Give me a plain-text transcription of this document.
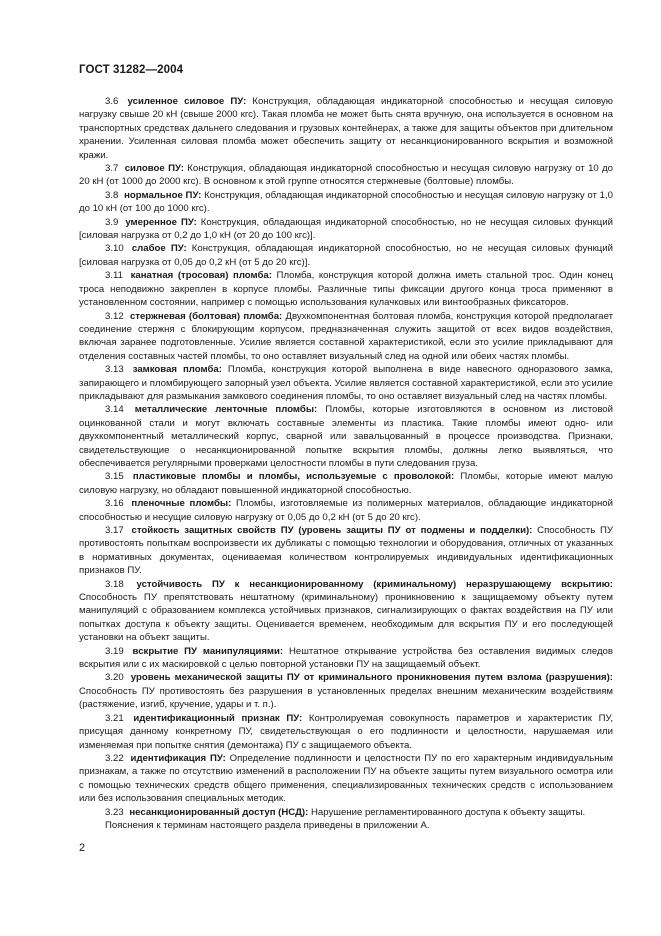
ГОСТ 31282—2004

3.6 усиленное силовое ПУ: Конструкция, обладающая индикаторной способностью и несущая силовую нагрузку свыше 20 кН (свыше 2000 кгс). Такая пломба не может быть снята вручную, она используется в основном на транспортных средствах дальнего следования и грузовых контейнерах, а также для защиты объектов при длительном хранении. Усиленная силовая пломба может обеспечить защиту от несанкционированного вскрытия и возможной кражи.

3.7 силовое ПУ: Конструкция, обладающая индикаторной способностью и несущая силовую нагрузку от 10 до 20 кН (от 1000 до 2000 кгс). В основном к этой группе относятся стержневые (болтовые) пломбы.

3.8 нормальное ПУ: Конструкция, обладающая индикаторной способностью и несущая силовую нагрузку от 1,0 до 10 кН (от 100 до 1000 кгс).

3.9 умеренное ПУ: Конструкция, обладающая индикаторной способностью, но не несущая силовых функций [силовая нагрузка от 0,2 до 1,0 кН (от 20 до 100 кгс)].

3.10 слабое ПУ: Конструкция, обладающая индикаторной способностью, но не несущая силовых функций [силовая нагрузка от 0,05 до 0,2 кН (от 5 до 20 кгс)].

3.11 канатная (тросовая) пломба: Пломба, конструкция которой должна иметь стальной трос. Один конец троса неподвижно закреплен в корпусе пломбы. Различные типы фиксации другого конца троса применяют в установленном состоянии, например с помощью использования кулачковых или винтообразных фиксаторов.

3.12 стержневая (болтовая) пломба: Двухкомпонентная болтовая пломба, конструкция которой предполагает соединение стержня с блокирующим корпусом, предназначенная служить защитой от всех видов воздействия, включая заранее подготовленные. Усилие является составной характеристикой, если это усилие прикладывают для отделения составных частей пломбы, то оно оставляет визуальный след на одной или обеих частях пломбы.

3.13 замковая пломба: Пломба, конструкция которой выполнена в виде навесного одноразового замка, запирающего и пломбирующего запорный узел объекта. Усилие является составной характеристикой, если это усилие прикладывают для размыкания замкового соединения пломбы, то оно оставляет визуальный след на частях пломбы.

3.14 металлические ленточные пломбы: Пломбы, которые изготовляются в основном из листовой оцинкованной стали и могут включать составные элементы из пластика. Такие пломбы имеют одно- или двухкомпонентный металлический корпус, сварной или завальцованный в процессе производства. Признаки, свидетельствующие о несанкционированной попытке вскрытия пломбы, должны легко выявляться, что обеспечивается регулярными проверками целостности пломбы в пути следования груза.

3.15 пластиковые пломбы и пломбы, используемые с проволокой: Пломбы, которые имеют малую силовую нагрузку, но обладают повышенной индикаторной способностью.

3.16 пленочные пломбы: Пломбы, изготовляемые из полимерных материалов, обладающие индикаторной способностью и несущие силовую нагрузку от 0,05 до 0,2 кН (от 5 до 20 кгс).

3.17 стойкость защитных свойств ПУ (уровень защиты ПУ от подмены и подделки): Способность ПУ противостоять попыткам воспроизвести их дубликаты с помощью технологии и оборудования, отличных от указанных в нормативных документах, оцениваемая количеством контролируемых индивидуальных идентификационных признаков ПУ.

3.18 устойчивость ПУ к несанкционированному (криминальному) неразрушающему вскрытию: Способность ПУ препятствовать нештатному (криминальному) проникновению к защищаемому объекту путем манипуляций с образованием комплекса устойчивых признаков, сигнализирующих о фактах воздействия на ПУ или попытках доступа к объекту защиты. Оценивается временем, необходимым для вскрытия ПУ и его последующей установки на объект защиты.

3.19 вскрытие ПУ манипуляциями: Нештатное открывание устройства без оставления видимых следов вскрытия или с их маскировкой с целью повторной установки ПУ на защищаемый объект.

3.20 уровень механической защиты ПУ от криминального проникновения путем взлома (разрушения): Способность ПУ противостоять без разрушения в установленных пределах внешним механическим воздействиям (растяжение, изгиб, кручение, удары и т. п.).

3.21 идентификационный признак ПУ: Контролируемая совокупность параметров и характеристик ПУ, присущая данному конкретному ПУ, свидетельствующая о его подлинности и целостности, нарушаемая или изменяемая при попытке снятия (демонтажа) ПУ с защищаемого объекта.

3.22 идентификация ПУ: Определение подлинности и целостности ПУ по его характерным индивидуальным признакам, а также по отсутствию изменений в расположении ПУ на объекте защиты путем визуального осмотра или с помощью технических средств общего применения, специализированных технических средств с использованием или без использования специальных методик.

3.23 несанкционированный доступ (НСД): Нарушение регламентированного доступа к объекту защиты.

Пояснения к терминам настоящего раздела приведены в приложении А.

2
